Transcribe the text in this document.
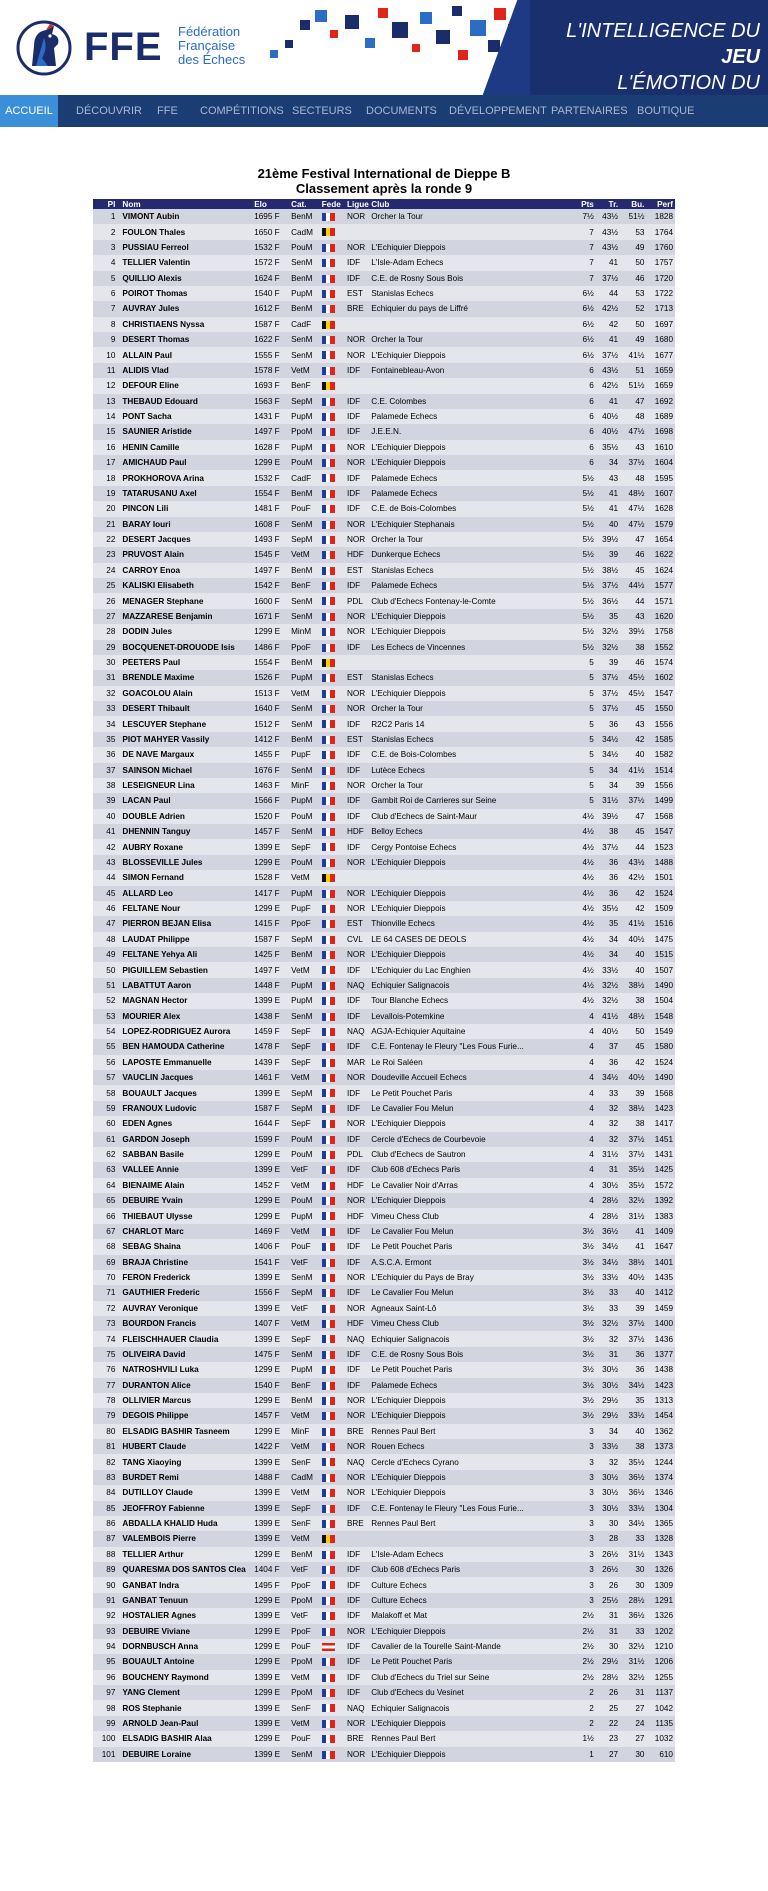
FFE Fédération
Française
des Échecs
L'INTELLIGENCE DU JEU
L'ÉMOTION DU
ACCUEIL	DÉCOUVRIR FFE COMPÉTITIONS SECTEURS DOCUMENTS DÉVELOPPEMENT PARTENAIRES BOUTIQUE
21ème Festival International de Dieppe B
Classement après la ronde 9
Pl	Nom	Elo	Cat.	Fede	Ligue	Club	Pts	Tr.	Bu.	Perf
1	VIMONT Aubin	1695 F	BenM		NOR	Orcher la Tour	7½	43½	51½	1828
2	FOULON Thales	1650 F	CadM				7	43½	53	1764
3	PUSSIAU Ferreol	1532 F	PouM		NOR	L'Echiquier Dieppois	7	43½	49	1760
4	TELLIER Valentin	1572 F	SenM		IDF	L'Isle-Adam Echecs	7	41	50	1757
5	QUILLIO Alexis	1624 F	BenM		IDF	C.E. de Rosny Sous Bois	7	37½	46	1720
6	POIROT Thomas	1540 F	PupM		EST	Stanislas Echecs	6½	44	53	1722
7	AUVRAY Jules	1612 F	BenM		BRE	Echiquier du pays de Liffré	6½	42½	52	1713
8	CHRISTIAENS Nyssa	1587 F	CadF				6½	42	50	1697
9	DESERT Thomas	1622 F	SenM		NOR	Orcher la Tour	6½	41	49	1680
10	ALLAIN Paul	1555 F	SenM		NOR	L'Echiquier Dieppois	6½	37½	41½	1677
11	ALIDIS Vlad	1578 F	VetM		IDF	Fontainebleau-Avon	6	43½	51	1659
12	DEFOUR Eline	1693 F	BenF				6	42½	51½	1659
13	THEBAUD Edouard	1563 F	SepM		IDF	C.E. Colombes	6	41	47	1692
14	PONT Sacha	1431 F	PupM		IDF	Palamede Echecs	6	40½	48	1689
15	SAUNIER Aristide	1497 F	PpoM		IDF	J.E.E.N.	6	40½	47½	1698
16	HENIN Camille	1628 F	PupM		NOR	L'Echiquier Dieppois	6	35½	43	1610
17	AMICHAUD Paul	1299 E	PouM		NOR	L'Echiquier Dieppois	6	34	37½	1604
18	PROKHOROVA Arina	1532 F	CadF		IDF	Palamede Echecs	5½	43	48	1595
19	TATARUSANU Axel	1554 F	BenM		IDF	Palamede Echecs	5½	41	48½	1607
20	PINCON Lili	1481 F	PouF		IDF	C.E. de Bois-Colombes	5½	41	47½	1628
21	BARAY Iouri	1608 F	SenM		NOR	L'Echiquier Stephanais	5½	40	47½	1579
22	DESERT Jacques	1493 F	SepM		NOR	Orcher la Tour	5½	39½	47	1654
23	PRUVOST Alain	1545 F	VetM		HDF	Dunkerque Echecs	5½	39	46	1622
24	CARROY Enoa	1497 F	BenM		EST	Stanislas Echecs	5½	38½	45	1624
25	KALISKI Elisabeth	1542 F	BenF		IDF	Palamede Echecs	5½	37½	44½	1577
26	MENAGER Stephane	1600 F	SenM		PDL	Club d'Echecs Fontenay-le-Comte	5½	36½	44	1571
27	MAZZARESE Benjamin	1671 F	SenM		NOR	L'Echiquier Dieppois	5½	35	43	1620
28	DODIN Jules	1299 E	MinM		NOR	L'Echiquier Dieppois	5½	32½	39½	1758
29	BOCQUENET-DROUODE Isis	1486 F	PpoF		IDF	Les Echecs de Vincennes	5½	32½	38	1552
30	PEETERS Paul	1554 F	BenM				5	39	46	1574
31	BRENDLE Maxime	1526 F	PupM		EST	Stanislas Echecs	5	37½	45½	1602
32	GOACOLOU Alain	1513 F	VetM		NOR	L'Echiquier Dieppois	5	37½	45½	1547
33	DESERT Thibault	1640 F	SenM		NOR	Orcher la Tour	5	37½	45	1550
34	LESCUYER Stephane	1512 F	SenM		IDF	R2C2 Paris 14	5	36	43	1556
35	PIOT MAHYER Vassily	1412 F	BenM		EST	Stanislas Echecs	5	34½	42	1585
36	DE NAVE Margaux	1455 F	PupF		IDF	C.E. de Bois-Colombes	5	34½	40	1582
37	SAINSON Michael	1676 F	SenM		IDF	Lutèce Echecs	5	34	41½	1514
38	LESEIGNEUR Lina	1463 F	MinF		NOR	Orcher la Tour	5	34	39	1556
39	LACAN Paul	1566 F	PupM		IDF	Gambit Roi de Carrieres sur Seine	5	31½	37½	1499
40	DOUBLE Adrien	1520 F	PouM		IDF	Club d'Echecs de Saint-Maur	4½	39½	47	1568
41	DHENNIN Tanguy	1457 F	SenM		HDF	Belloy Echecs	4½	38	45	1547
42	AUBRY Roxane	1399 E	SepF		IDF	Cergy Pontoise Echecs	4½	37½	44	1523
43	BLOSSEVILLE Jules	1299 E	PouM		NOR	L'Echiquier Dieppois	4½	36	43½	1488
44	SIMON Fernand	1528 F	VetM				4½	36	42½	1501
45	ALLARD Leo	1417 F	PupM		NOR	L'Echiquier Dieppois	4½	36	42	1524
46	FELTANE Nour	1299 E	PupF		NOR	L'Echiquier Dieppois	4½	35½	42	1509
47	PIERRON BEJAN Elisa	1415 F	PpoF		EST	Thionville Echecs	4½	35	41½	1516
48	LAUDAT Philippe	1587 F	SepM		CVL	LE 64 CASES DE DEOLS	4½	34	40½	1475
49	FELTANE Yehya Ali	1425 F	BenM		NOR	L'Echiquier Dieppois	4½	34	40	1515
50	PIGUILLEM Sebastien	1497 F	VetM		IDF	L'Echiquier du Lac Enghien	4½	33½	40	1507
51	LABATTUT Aaron	1448 F	PupM		NAQ	Echiquier Salignacois	4½	32½	38½	1490
52	MAGNAN Hector	1399 E	PupM		IDF	Tour Blanche Echecs	4½	32½	38	1504
53	MOURIER Alex	1438 F	SenM		IDF	Levallois-Potemkine	4	41½	48½	1548
54	LOPEZ-RODRIGUEZ Aurora	1459 F	SepF		NAQ	AGJA-Echiquier Aquitaine	4	40½	50	1549
55	BEN HAMOUDA Catherine	1478 F	SepF		IDF	C.E. Fontenay le Fleury "Les Fous Furie...	4	37	45	1580
56	LAPOSTE Emmanuelle	1439 F	SepF		MAR	Le Roi Saléen	4	36	42	1524
57	VAUCLIN Jacques	1461 F	VetM		NOR	Doudeville Accueil Echecs	4	34½	40½	1490
58	BOUAULT Jacques	1399 E	SepM		IDF	Le Petit Pouchet Paris	4	33	39	1568
59	FRANOUX Ludovic	1587 F	SepM		IDF	Le Cavalier Fou Melun	4	32	38½	1423
60	EDEN Agnes	1644 F	SepF		NOR	L'Echiquier Dieppois	4	32	38	1417
61	GARDON Joseph	1599 F	PouM		IDF	Cercle d'Echecs de Courbevoie	4	32	37½	1451
62	SABBAN Basile	1299 E	PouM		PDL	Club d'Echecs de Sautron	4	31½	37½	1431
63	VALLEE Annie	1399 E	VetF		IDF	Club 608 d'Echecs Paris	4	31	35½	1425
64	BIENAIME Alain	1452 F	VetM		HDF	Le Cavalier Noir d'Arras	4	30½	35½	1572
65	DEBUIRE Yvain	1299 E	PouM		NOR	L'Echiquier Dieppois	4	28½	32½	1392
66	THIEBAUT Ulysse	1299 E	PupM		HDF	Vimeu Chess Club	4	28½	31½	1383
67	CHARLOT Marc	1469 F	VetM		IDF	Le Cavalier Fou Melun	3½	36½	41	1409
68	SEBAG Shaina	1406 F	PouF		IDF	Le Petit Pouchet Paris	3½	34½	41	1647
69	BRAJA Christine	1541 F	VetF		IDF	A.S.C.A. Ermont	3½	34½	38½	1401
70	FERON Frederick	1399 E	SenM		NOR	L'Echiquier du Pays de Bray	3½	33½	40½	1435
71	GAUTHIER Frederic	1556 F	SepM		IDF	Le Cavalier Fou Melun	3½	33	40	1412
72	AUVRAY Veronique	1399 E	VetF		NOR	Agneaux Saint-Lô	3½	33	39	1459
73	BOURDON Francis	1407 F	VetM		HDF	Vimeu Chess Club	3½	32½	37½	1400
74	FLEISCHHAUER Claudia	1399 E	SepF		NAQ	Echiquier Salignacois	3½	32	37½	1436
75	OLIVEIRA David	1475 F	SenM		IDF	C.E. de Rosny Sous Bois	3½	31	36	1377
76	NATROSHVILI Luka	1299 E	PupM		IDF	Le Petit Pouchet Paris	3½	30½	36	1438
77	DURANTON Alice	1540 F	BenF		IDF	Palamede Echecs	3½	30½	34½	1423
78	OLLIVIER Marcus	1299 E	BenM		NOR	L'Echiquier Dieppois	3½	29½	35	1313
79	DEGOIS Philippe	1457 F	VetM		NOR	L'Echiquier Dieppois	3½	29½	33½	1454
80	ELSADIG BASHIR Tasneem	1299 E	MinF		BRE	Rennes Paul Bert	3	34	40	1362
81	HUBERT Claude	1422 F	VetM		NOR	Rouen Echecs	3	33½	38	1373
82	TANG Xiaoying	1399 E	SenF		NAQ	Cercle d'Echecs Cyrano	3	32	35½	1244
83	BURDET Remi	1488 F	CadM		NOR	L'Echiquier Dieppois	3	30½	36½	1374
84	DUTILLOY Claude	1399 E	VetM		NOR	L'Echiquier Dieppois	3	30½	36½	1346
85	JEOFFROY Fabienne	1399 E	SepF		IDF	C.E. Fontenay le Fleury "Les Fous Furie...	3	30½	33½	1304
86	ABDALLA KHALID Huda	1399 E	SenF		BRE	Rennes Paul Bert	3	30	34½	1365
87	VALEMBOIS Pierre	1399 E	VetM				3	28	33	1328
88	TELLIER Arthur	1299 E	BenM		IDF	L'Isle-Adam Echecs	3	26½	31½	1343
89	QUARESMA DOS SANTOS Clea	1404 F	VetF		IDF	Club 608 d'Echecs Paris	3	26½	30	1326
90	GANBAT Indra	1495 F	PpoF		IDF	Culture Echecs	3	26	30	1309
91	GANBAT Tenuun	1299 E	PpoM		IDF	Culture Echecs	3	25½	28½	1291
92	HOSTALIER Agnes	1399 E	VetF		IDF	Malakoff et Mat	2½	31	36½	1326
93	DEBUIRE Viviane	1299 E	PpoF		NOR	L'Echiquier Dieppois	2½	31	33	1202
94	DORNBUSCH Anna	1299 E	PouF		IDF	Cavalier de la Tourelle Saint-Mande	2½	30	32½	1210
95	BOUAULT Antoine	1299 E	PpoM		IDF	Le Petit Pouchet Paris	2½	29½	31½	1206
96	BOUCHENY Raymond	1399 E	VetM		IDF	Club d'Echecs du Triel sur Seine	2½	28½	32½	1255
97	YANG Clement	1299 E	PpoM		IDF	Club d'Echecs du Vesinet	2	26	31	1137
98	ROS Stephanie	1399 E	SenF		NAQ	Echiquier Salignacois	2	25	27	1042
99	ARNOLD Jean-Paul	1399 E	VetM		NOR	L'Echiquier Dieppois	2	22	24	1135
100	ELSADIG BASHIR Alaa	1299 E	PouF		BRE	Rennes Paul Bert	1½	23	27	1032
101	DEBUIRE Loraine	1399 E	SenM		NOR	L'Echiquier Dieppois	1	27	30	610
